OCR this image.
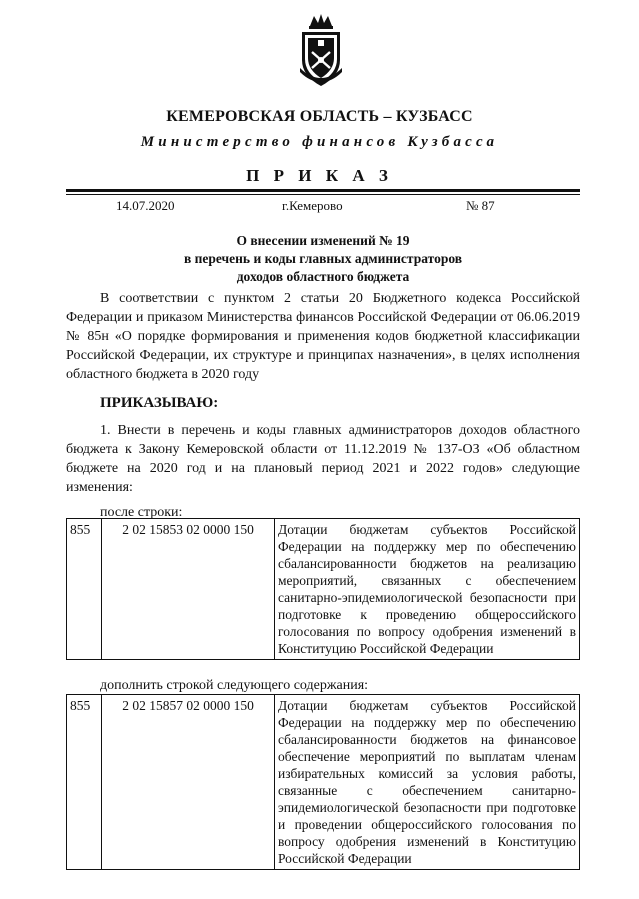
КЕМЕРОВСКАЯ ОБЛАСТЬ – КУЗБАСС
Министерство финансов Кузбасса
П Р И К А З
14.07.2020	г.Кемерово	№ 87
О внесении изменений № 19
в перечень и коды главных администраторов
доходов областного бюджета

В соответствии с пунктом 2 статьи 20 Бюджетного кодекса Российской Федерации и приказом Министерства финансов Российской Федерации от 06.06.2019 № 85н «О порядке формирования и применения кодов бюджетной классификации Российской Федерации, их структуре и принципах назначения», в целях исполнения областного бюджета в 2020 году

ПРИКАЗЫВАЮ:

1. Внести в перечень и коды главных администраторов доходов областного бюджета к Закону Кемеровской области от 11.12.2019 № 137-ОЗ «Об областном бюджете на 2020 год и на плановый период 2021 и 2022 годов» следующие изменения:

после строки:
855	2 02 15853 02 0000 150	Дотации бюджетам субъектов Российской Федерации на поддержку мер по обеспечению сбалансированности бюджетов на реализацию мероприятий, связанных с обеспечением санитарно-эпидемиологической безопасности при подготовке к проведению общероссийского голосования по вопросу одобрения изменений в Конституцию Российской Федерации
дополнить строкой следующего содержания:
855	2 02 15857 02 0000 150	Дотации бюджетам субъектов Российской Федерации на поддержку мер по обеспечению сбалансированности бюджетов на финансовое обеспечение мероприятий по выплатам членам избирательных комиссий за условия работы, связанные с обеспечением санитарно-эпидемиологической безопасности при подготовке и проведении общероссийского голосования по вопросу одобрения изменений в Конституцию Российской Федерации
